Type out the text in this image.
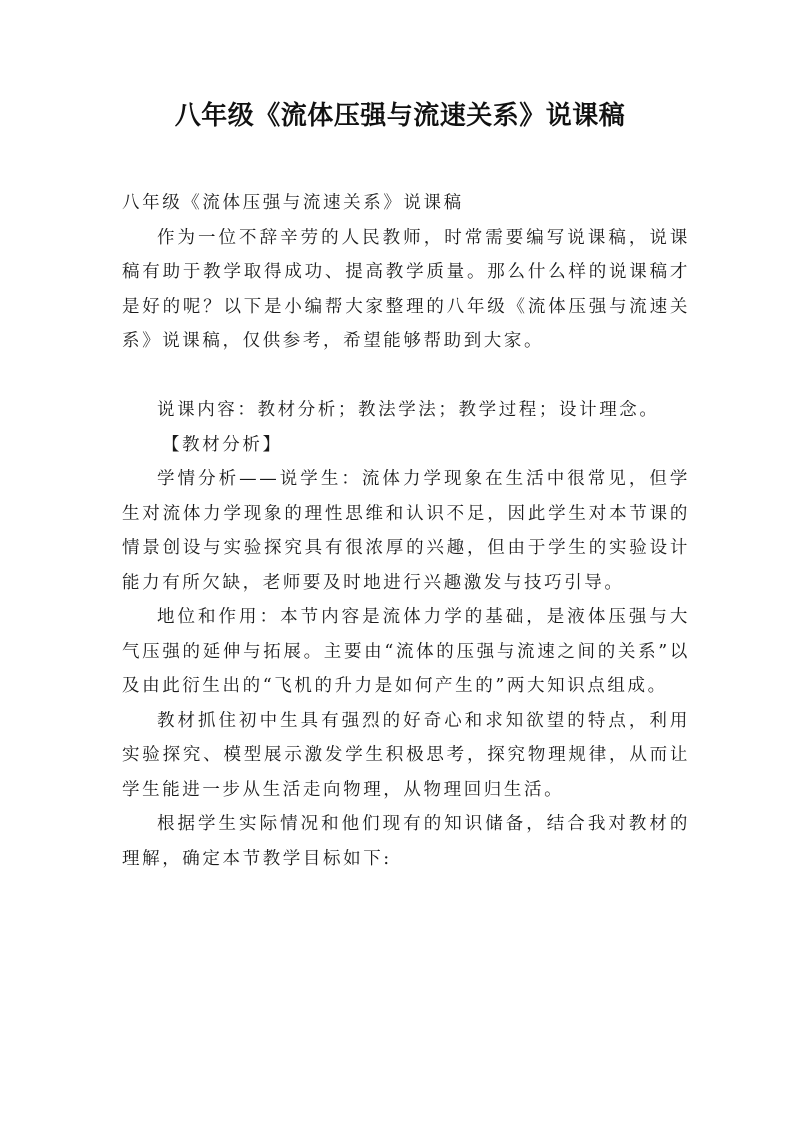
八年级《流体压强与流速关系》说课稿

八年级《流体压强与流速关系》说课稿

作为一位不辞辛劳的人民教师，时常需要编写说课稿，说课稿有助于教学取得成功、提高教学质量。那么什么样的说课稿才是好的呢？以下是小编帮大家整理的八年级《流体压强与流速关系》说课稿，仅供参考，希望能够帮助到大家。

说课内容：教材分析；教法学法；教学过程；设计理念。

【教材分析】

学情分析——说学生：流体力学现象在生活中很常见，但学生对流体力学现象的理性思维和认识不足，因此学生对本节课的情景创设与实验探究具有很浓厚的兴趣，但由于学生的实验设计能力有所欠缺，老师要及时地进行兴趣激发与技巧引导。

地位和作用：本节内容是流体力学的基础，是液体压强与大气压强的延伸与拓展。主要由“流体的压强与流速之间的关系”以及由此衍生出的“飞机的升力是如何产生的”两大知识点组成。

教材抓住初中生具有强烈的好奇心和求知欲望的特点，利用实验探究、模型展示激发学生积极思考，探究物理规律，从而让学生能进一步从生活走向物理，从物理回归生活。

根据学生实际情况和他们现有的知识储备，结合我对教材的理解，确定本节教学目标如下:
